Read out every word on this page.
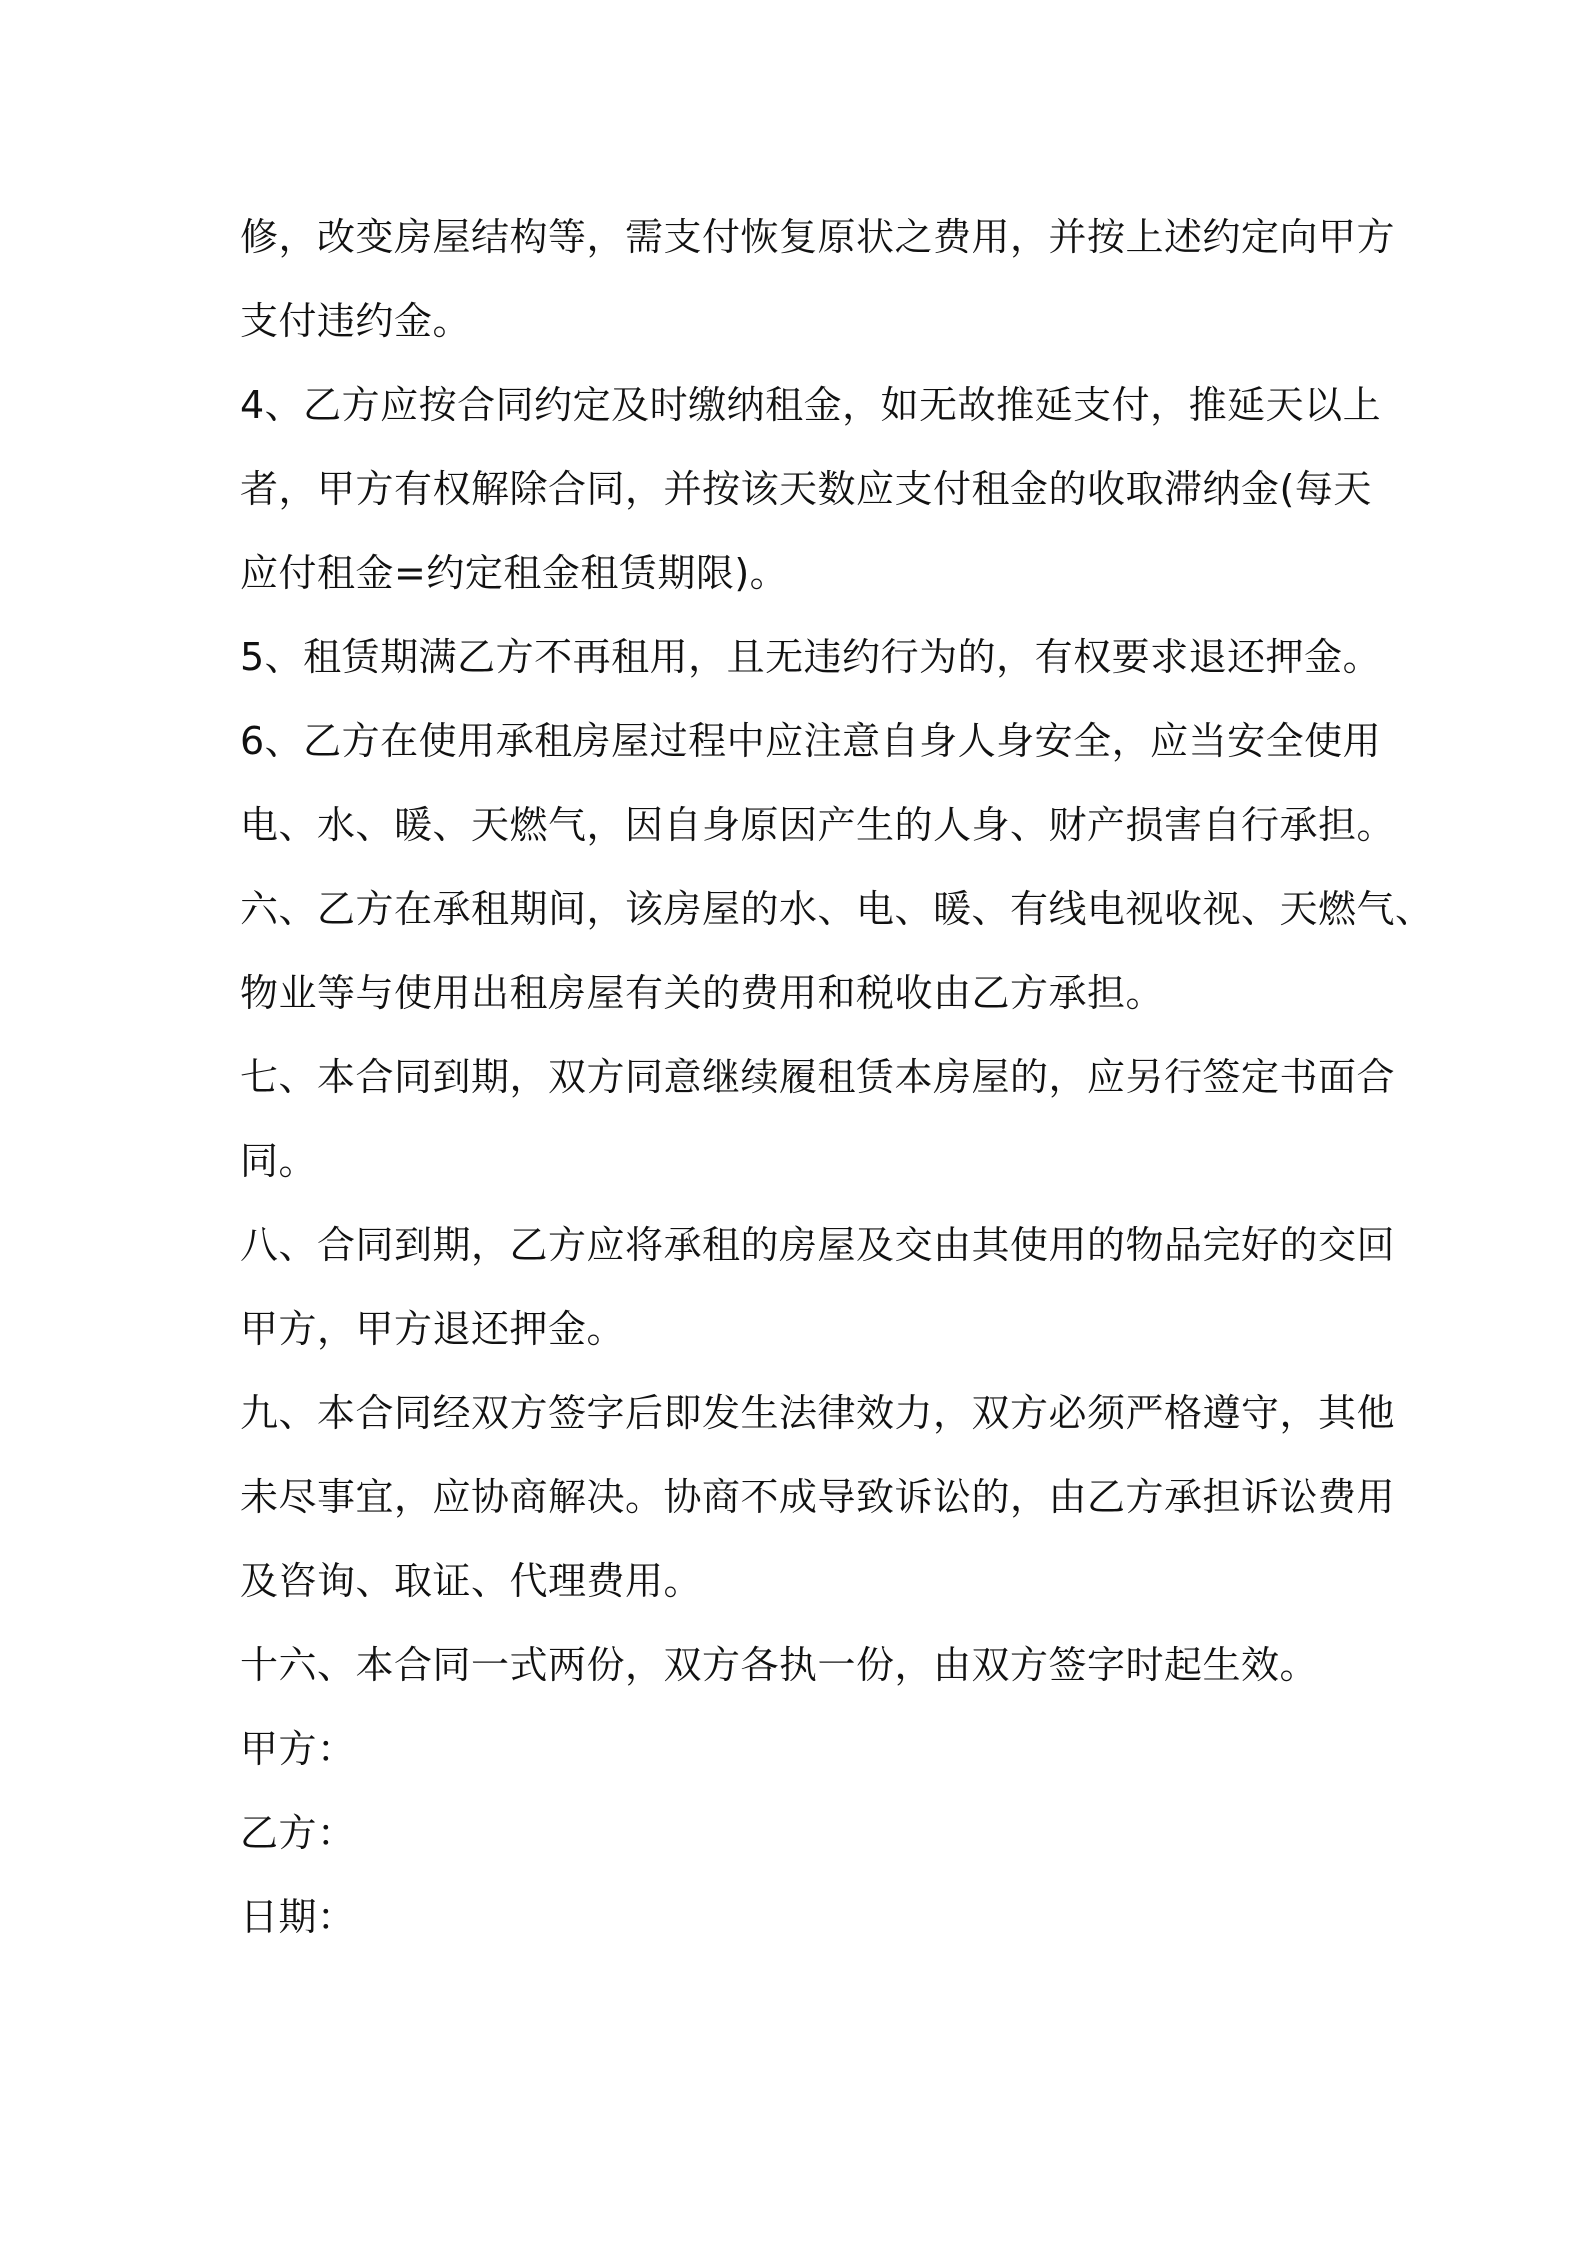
修，改变房屋结构等，需支付恢复原状之费用，并按上述约定向甲方
支付违约金。
4、乙方应按合同约定及时缴纳租金，如无故推延支付，推延天以上
者，甲方有权解除合同，并按该天数应支付租金的收取滞纳金(每天
应付租金=约定租金租赁期限)。
5、租赁期满乙方不再租用，且无违约行为的，有权要求退还押金。
6、乙方在使用承租房屋过程中应注意自身人身安全，应当安全使用
电、水、暖、天燃气，因自身原因产生的人身、财产损害自行承担。
六、乙方在承租期间，该房屋的水、电、暖、有线电视收视、天燃气、
物业等与使用出租房屋有关的费用和税收由乙方承担。
七、本合同到期，双方同意继续履租赁本房屋的，应另行签定书面合
同。
八、合同到期，乙方应将承租的房屋及交由其使用的物品完好的交回
甲方，甲方退还押金。
九、本合同经双方签字后即发生法律效力，双方必须严格遵守，其他
未尽事宜，应协商解决。协商不成导致诉讼的，由乙方承担诉讼费用
及咨询、取证、代理费用。
十六、本合同一式两份，双方各执一份，由双方签字时起生效。
甲方：
乙方：
日期：
